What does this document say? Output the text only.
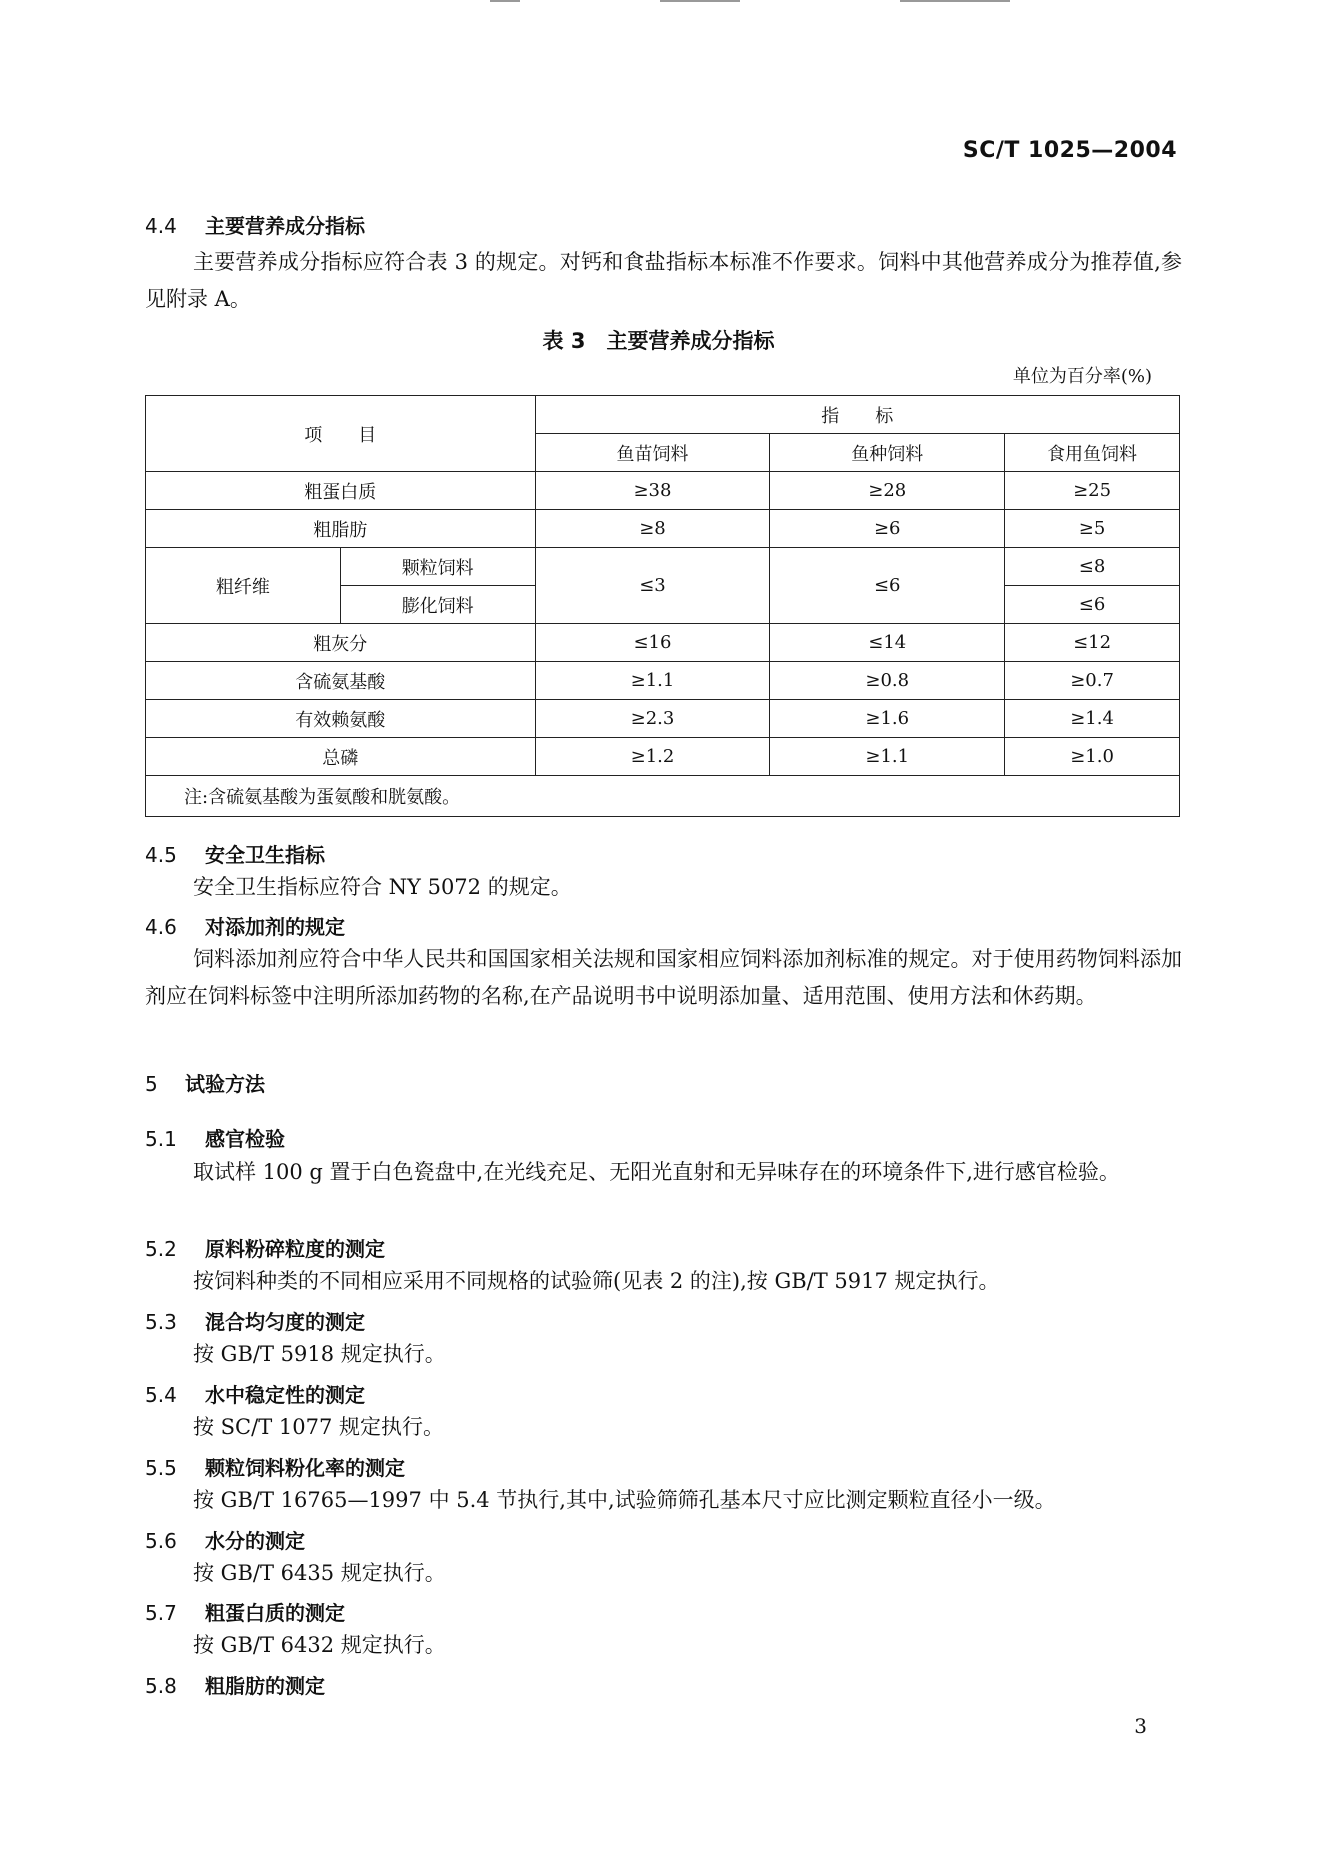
SC/T 1025—2004
4.4 主要营养成分指标
主要营养成分指标应符合表 3 的规定。对钙和食盐指标本标准不作要求。饲料中其他营养成分为推荐值,参见附录 A。
表 3　主要营养成分指标
单位为百分率(%)
项　　目		指　　标		
		鱼苗饲料	鱼种饲料	食用鱼饲料
粗蛋白质		≥38	≥28	≥25
粗脂肪		≥8	≥6	≥5
粗纤维	颗粒饲料	≤3	≤6	≤8
	膨化饲料			≤6
粗灰分		≤16	≤14	≤12
含硫氨基酸		≥1.1	≥0.8	≥0.7
有效赖氨酸		≥2.3	≥1.6	≥1.4
总磷		≥1.2	≥1.1	≥1.0
注:含硫氨基酸为蛋氨酸和胱氨酸。				
4.5 安全卫生指标
安全卫生指标应符合 NY 5072 的规定。
4.6 对添加剂的规定
饲料添加剂应符合中华人民共和国国家相关法规和国家相应饲料添加剂标准的规定。对于使用药物饲料添加剂应在饲料标签中注明所添加药物的名称,在产品说明书中说明添加量、适用范围、使用方法和休药期。
5 试验方法
5.1 感官检验
取试样 100 g 置于白色瓷盘中,在光线充足、无阳光直射和无异味存在的环境条件下,进行感官检验。
5.2 原料粉碎粒度的测定
按饲料种类的不同相应采用不同规格的试验筛(见表 2 的注),按 GB/T 5917 规定执行。
5.3 混合均匀度的测定
按 GB/T 5918 规定执行。
5.4 水中稳定性的测定
按 SC/T 1077 规定执行。
5.5 颗粒饲料粉化率的测定
按 GB/T 16765—1997 中 5.4 节执行,其中,试验筛筛孔基本尺寸应比测定颗粒直径小一级。
5.6 水分的测定
按 GB/T 6435 规定执行。
5.7 粗蛋白质的测定
按 GB/T 6432 规定执行。
5.8 粗脂肪的测定
3
